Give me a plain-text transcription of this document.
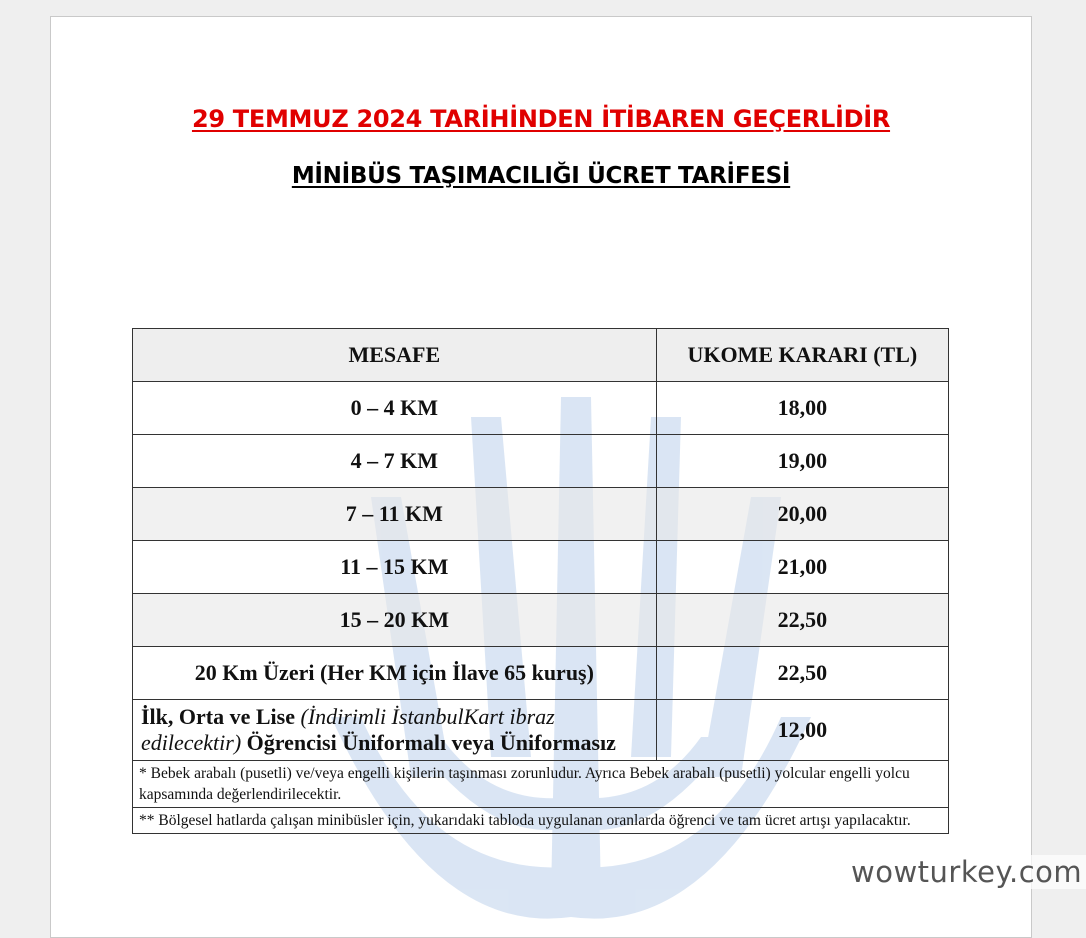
29 TEMMUZ 2024 TARİHİNDEN İTİBAREN GEÇERLİDİR
MİNİBÜS TAŞIMACILIĞI ÜCRET TARİFESİ
MESAFE	UKOME KARARI (TL)
0 – 4 KM	18,00
4 – 7 KM	19,00
7 – 11 KM	20,00
11 – 15 KM	21,00
15 – 20 KM	22,50
20 Km Üzeri (Her KM için İlave 65 kuruş)	22,50
İlk, Orta ve Lise (İndirimli İstanbulKart ibraz edilecektir) Öğrencisi Üniformalı veya Üniformasız	12,00
* Bebek arabalı (pusetli) ve/veya engelli kişilerin taşınması zorunludur. Ayrıca Bebek arabalı (pusetli) yolcular engelli yolcu kapsamında değerlendirilecektir.	
** Bölgesel hatlarda çalışan minibüsler için, yukarıdaki tabloda uygulanan oranlarda öğrenci ve tam ücret artışı yapılacaktır.	
wowturkey.com
